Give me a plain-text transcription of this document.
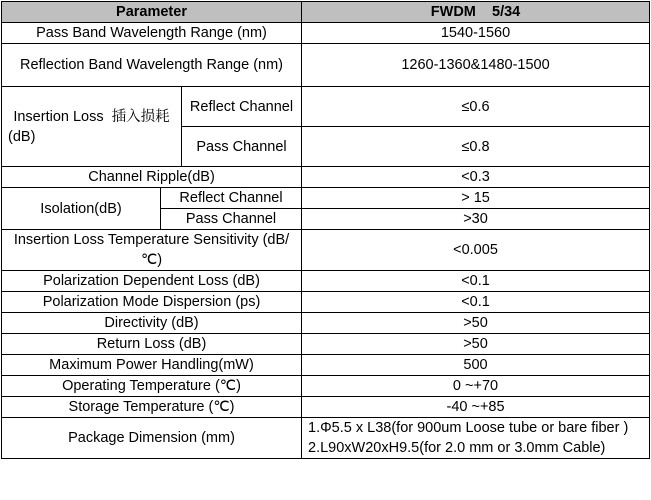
Parameter			FWDM    5/34
Pass Band Wavelength Range (nm)			1540-1560
Reflection Band Wavelength Range (nm)			1260-1360&1480-1500
Insertion Loss  插入损耗(dB)		Reflect Channel	≤0.6
		Pass Channel	≤0.8
Channel Ripple(dB)			<0.3
Isolation(dB)	Reflect Channel		> 15
	Pass Channel		>30
Insertion Loss Temperature Sensitivity (dB/℃)			<0.005
Polarization Dependent Loss (dB)			<0.1
Polarization Mode Dispersion (ps)			<0.1
Directivity (dB)			>50
Return Loss (dB)			>50
Maximum Power Handling(mW)			500
Operating Temperature (℃)			0 ~+70
Storage Temperature (℃)			-40 ~+85
Package Dimension (mm)			1.Φ5.5 x L38(for 900um Loose tube or bare fiber )
2.L90xW20xH9.5(for 2.0 mm or 3.0mm Cable)
